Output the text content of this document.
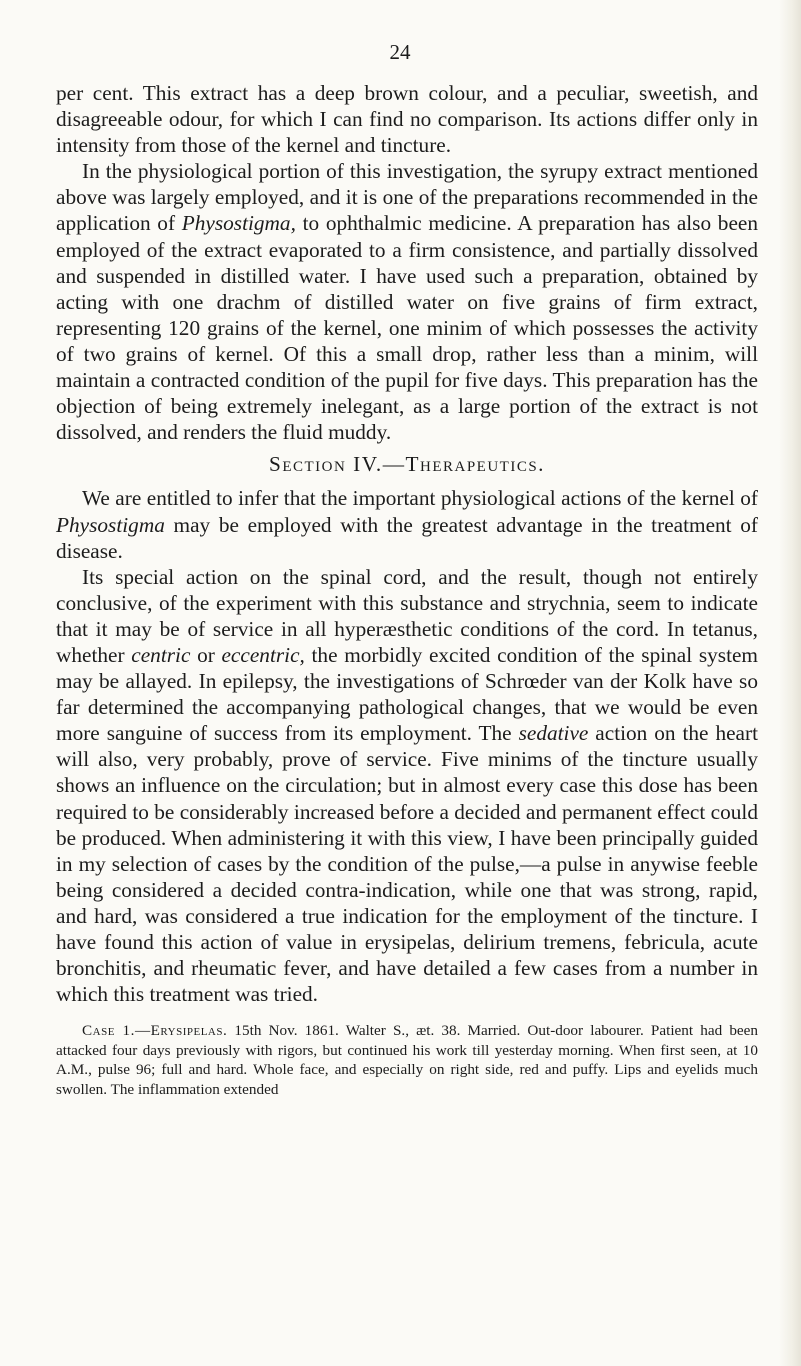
24

per cent. This extract has a deep brown colour, and a peculiar, sweetish, and disagreeable odour, for which I can find no comparison. Its actions differ only in intensity from those of the kernel and tincture.

In the physiological portion of this investigation, the syrupy extract mentioned above was largely employed, and it is one of the preparations recommended in the application of Physostigma, to ophthalmic medicine. A preparation has also been employed of the extract evaporated to a firm consistence, and partially dissolved and suspended in distilled water. I have used such a preparation, obtained by acting with one drachm of distilled water on five grains of firm extract, representing 120 grains of the kernel, one minim of which possesses the activity of two grains of kernel. Of this a small drop, rather less than a minim, will maintain a contracted condition of the pupil for five days. This preparation has the objection of being extremely inelegant, as a large portion of the extract is not dissolved, and renders the fluid muddy.

Section IV.—Therapeutics.

We are entitled to infer that the important physiological actions of the kernel of Physostigma may be employed with the greatest advantage in the treatment of disease.

Its special action on the spinal cord, and the result, though not entirely conclusive, of the experiment with this substance and strychnia, seem to indicate that it may be of service in all hyperæsthetic conditions of the cord. In tetanus, whether centric or eccentric, the morbidly excited condition of the spinal system may be allayed. In epilepsy, the investigations of Schrœder van der Kolk have so far determined the accompanying pathological changes, that we would be even more sanguine of success from its employment. The sedative action on the heart will also, very probably, prove of service. Five minims of the tincture usually shows an influence on the circulation; but in almost every case this dose has been required to be considerably increased before a decided and permanent effect could be produced. When administering it with this view, I have been principally guided in my selection of cases by the condition of the pulse,—a pulse in anywise feeble being considered a decided contra-indication, while one that was strong, rapid, and hard, was considered a true indication for the employment of the tincture. I have found this action of value in erysipelas, delirium tremens, febricula, acute bronchitis, and rheumatic fever, and have detailed a few cases from a number in which this treatment was tried.

Case 1.—Erysipelas. 15th Nov. 1861. Walter S., æt. 38. Married. Out-door labourer. Patient had been attacked four days previously with rigors, but continued his work till yesterday morning. When first seen, at 10 A.M., pulse 96; full and hard. Whole face, and especially on right side, red and puffy. Lips and eyelids much swollen. The inflammation extended
